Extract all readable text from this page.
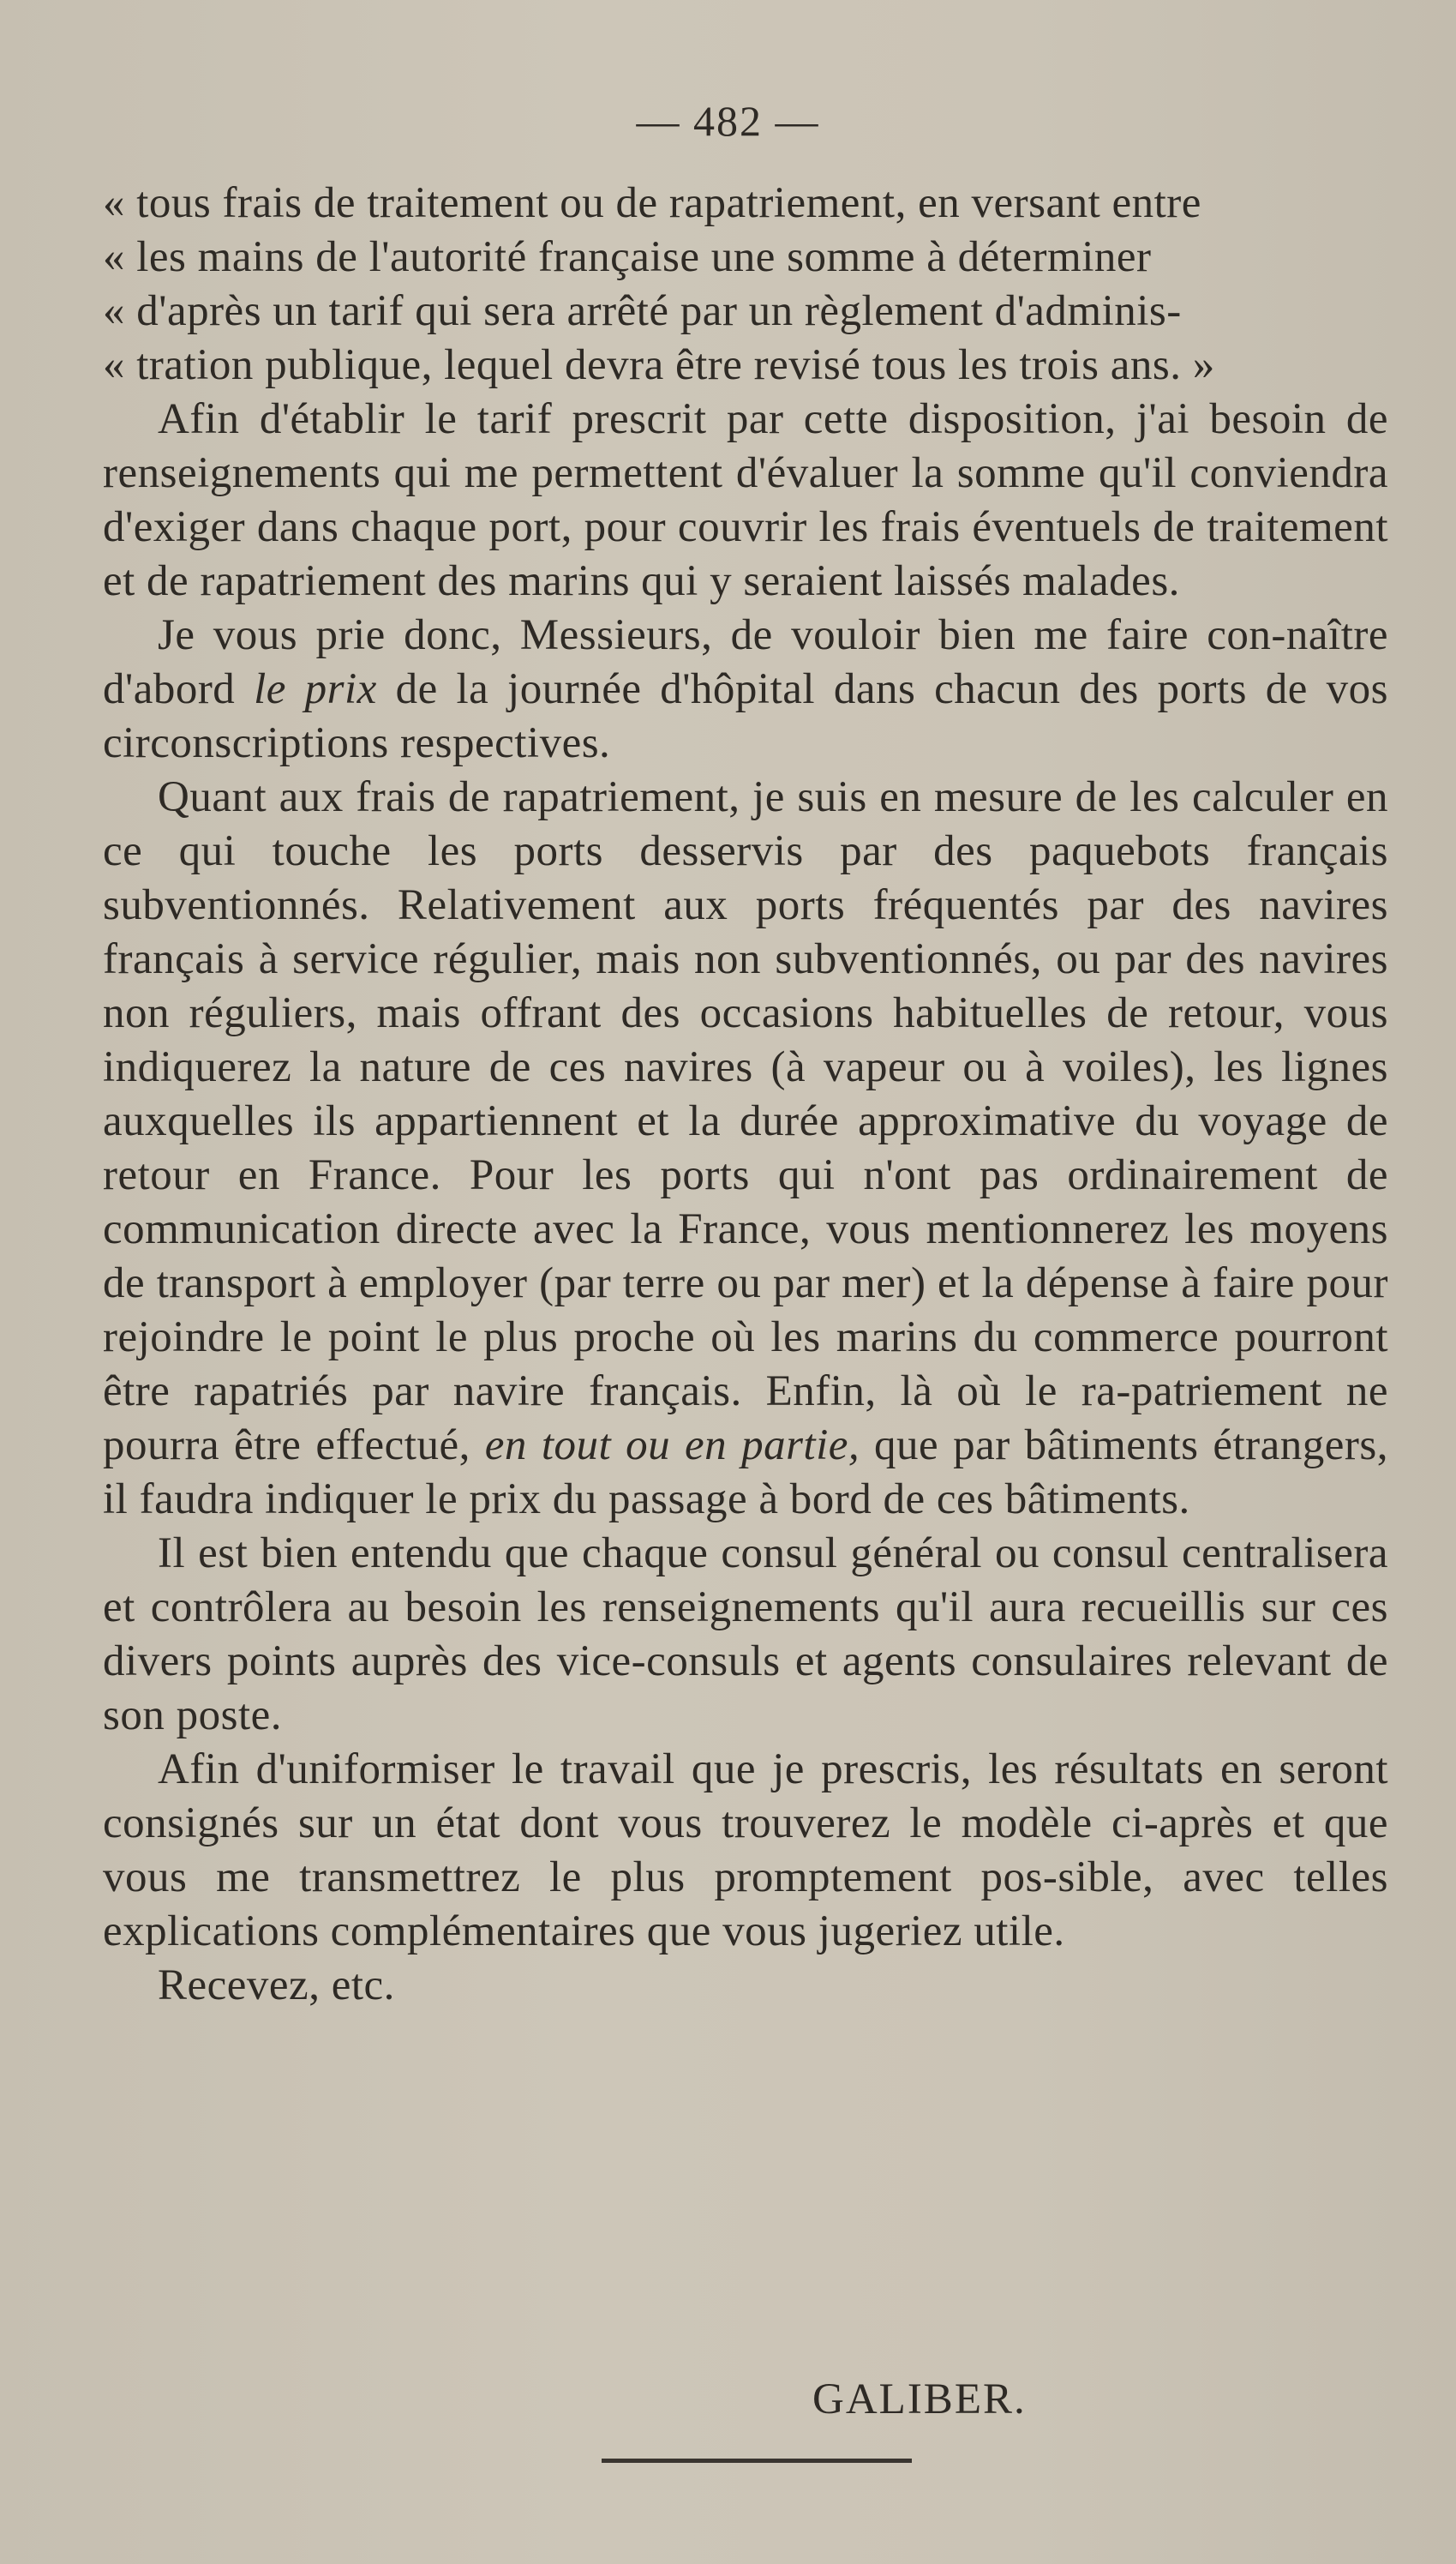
— 482 —

« tous frais de traitement ou de rapatriement, en versant entre

« les mains de l'autorité française une somme à déterminer

« d'après un tarif qui sera arrêté par un règlement d'adminis-

« tration publique, lequel devra être revisé tous les trois ans. »

Afin d'établir le tarif prescrit par cette disposition, j'ai besoin de renseignements qui me permettent d'évaluer la somme qu'il conviendra d'exiger dans chaque port, pour couvrir les frais éventuels de traitement et de rapatriement des marins qui y seraient laissés malades.

Je vous prie donc, Messieurs, de vouloir bien me faire con-naître d'abord le prix de la journée d'hôpital dans chacun des ports de vos circonscriptions respectives.

Quant aux frais de rapatriement, je suis en mesure de les calculer en ce qui touche les ports desservis par des paquebots français subventionnés. Relativement aux ports fréquentés par des navires français à service régulier, mais non subventionnés, ou par des navires non réguliers, mais offrant des occasions habituelles de retour, vous indiquerez la nature de ces navires (à vapeur ou à voiles), les lignes auxquelles ils appartiennent et la durée approximative du voyage de retour en France. Pour les ports qui n'ont pas ordinairement de communication directe avec la France, vous mentionnerez les moyens de transport à employer (par terre ou par mer) et la dépense à faire pour rejoindre le point le plus proche où les marins du commerce pourront être rapatriés par navire français. Enfin, là où le ra-patriement ne pourra être effectué, en tout ou en partie, que par bâtiments étrangers, il faudra indiquer le prix du passage à bord de ces bâtiments.

Il est bien entendu que chaque consul général ou consul centralisera et contrôlera au besoin les renseignements qu'il aura recueillis sur ces divers points auprès des vice-consuls et agents consulaires relevant de son poste.

Afin d'uniformiser le travail que je prescris, les résultats en seront consignés sur un état dont vous trouverez le modèle ci-après et que vous me transmettrez le plus promptement pos-sible, avec telles explications complémentaires que vous jugeriez utile.

Recevez, etc.

GALIBER.
